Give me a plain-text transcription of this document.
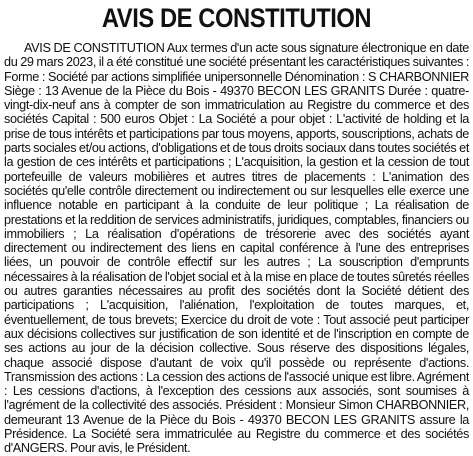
AVIS DE CONSTITUTION

AVIS DE CONSTITUTION Aux termes d'un acte sous signature électronique en date du 29 mars 2023, il a été constitué une société présentant les caractéristiques suivantes : Forme : Société par actions simplifiée unipersonnelle Dénomination : S CHARBONNIER Siège : 13 Avenue de la Pièce du Bois - 49370 BECON LES GRANITS Durée : quatre-vingt-dix-neuf ans à compter de son immatriculation au Registre du commerce et des sociétés Capital : 500 euros Objet : La Société a pour objet : L'activité de holding et la prise de tous intérêts et participations par tous moyens, apports, souscriptions, achats de parts sociales et/ou actions, d'obligations et de tous droits sociaux dans toutes sociétés et la gestion de ces intérêts et participations ; L'acquisition, la gestion et la cession de tout portefeuille de valeurs mobilières et autres titres de placements : L'animation des sociétés qu'elle contrôle directement ou indirectement ou sur lesquelles elle exerce une influence notable en participant à la conduite de leur politique ; La réalisation de prestations et la reddition de services administratifs, juridiques, comptables, financiers ou immobiliers ; La réalisation d'opérations de trésorerie avec des sociétés ayant directement ou indirectement des liens en capital conférence à l'une des entreprises liées, un pouvoir de contrôle effectif sur les autres ; La souscription d'emprunts nécessaires à la réalisation de l'objet social et à la mise en place de toutes sûretés réelles ou autres garanties nécessaires au profit des sociétés dont la Société détient des participations ; L'acquisition, l'aliénation, l'exploitation de toutes marques, et, éventuellement, de tous brevets; Exercice du droit de vote : Tout associé peut participer aux décisions collectives sur justification de son identité et de l'inscription en compte de ses actions au jour de la décision collective. Sous réserve des dispositions légales, chaque associé dispose d'autant de voix qu'il possède ou représente d'actions. Transmission des actions : La cession des actions de l'associé unique est libre. Agrément : Les cessions d'actions, à l'exception des cessions aux associés, sont soumises à l'agrément de la collectivité des associés. Président : Monsieur Simon CHARBONNIER, demeurant 13 Avenue de la Pièce du Bois - 49370 BECON LES GRANITS assure la Présidence. La Société sera immatriculée au Registre du commerce et des sociétés d'ANGERS. Pour avis, le Président.
